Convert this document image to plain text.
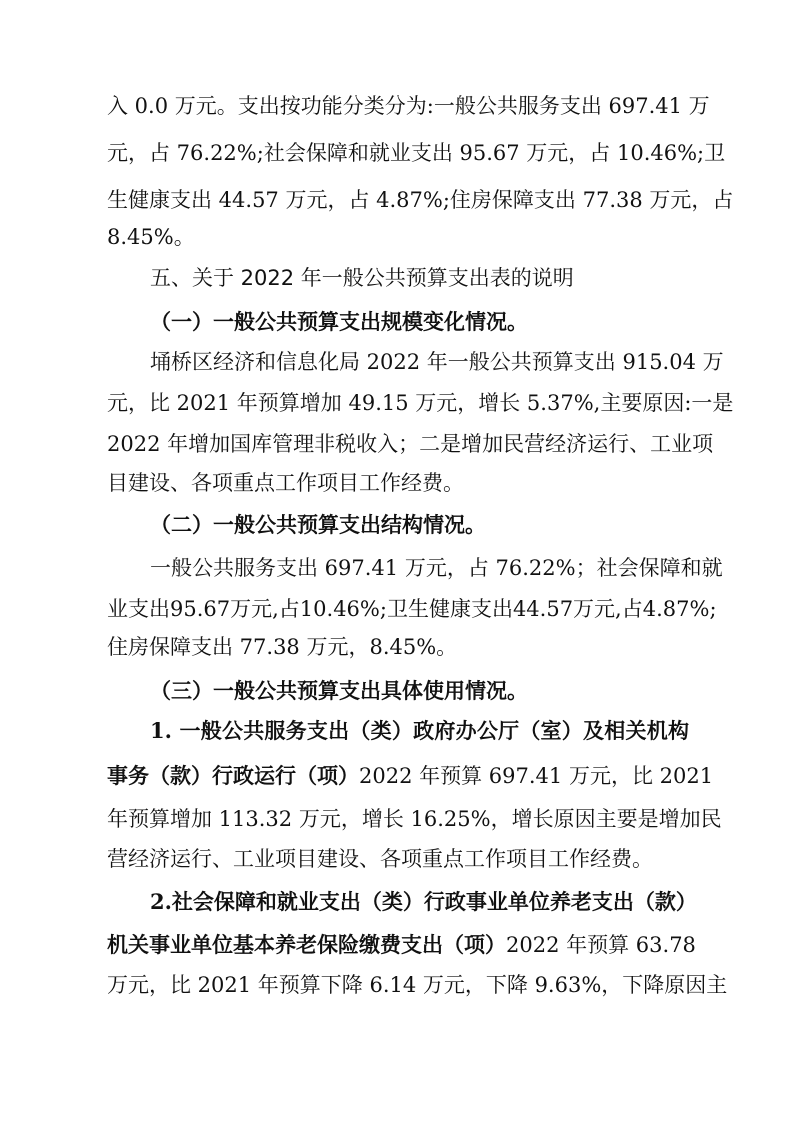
入 0.0 万元。支出按功能分类分为:一般公共服务支出 697.41 万
元，占 76.22%;社会保障和就业支出 95.67 万元，占 10.46%;卫
生健康支出 44.57 万元，占 4.87%;住房保障支出 77.38 万元，占
8.45%。
五、关于 2022 年一般公共预算支出表的说明
（一）一般公共预算支出规模变化情况。
埇桥区经济和信息化局 2022 年一般公共预算支出 915.04 万
元，比 2021 年预算增加 49.15 万元，增长 5.37%,主要原因:一是
2022 年增加国库管理非税收入；二是增加民营经济运行、工业项
目建设、各项重点工作项目工作经费。
（二）一般公共预算支出结构情况。
一般公共服务支出 697.41 万元，占 76.22%；社会保障和就
业支出95.67万元,占10.46%;卫生健康支出44.57万元,占4.87%;
住房保障支出 77.38 万元，8.45%。
（三）一般公共预算支出具体使用情况。
1. 一般公共服务支出（类）政府办公厅（室）及相关机构
事务（款）行政运行（项）2022 年预算 697.41 万元，比 2021
年预算增加 113.32 万元，增长 16.25%，增长原因主要是增加民
营经济运行、工业项目建设、各项重点工作项目工作经费。
2.社会保障和就业支出（类）行政事业单位养老支出（款）
机关事业单位基本养老保险缴费支出（项）2022 年预算 63.78
万元，比 2021 年预算下降 6.14 万元，下降 9.63%，下降原因主
